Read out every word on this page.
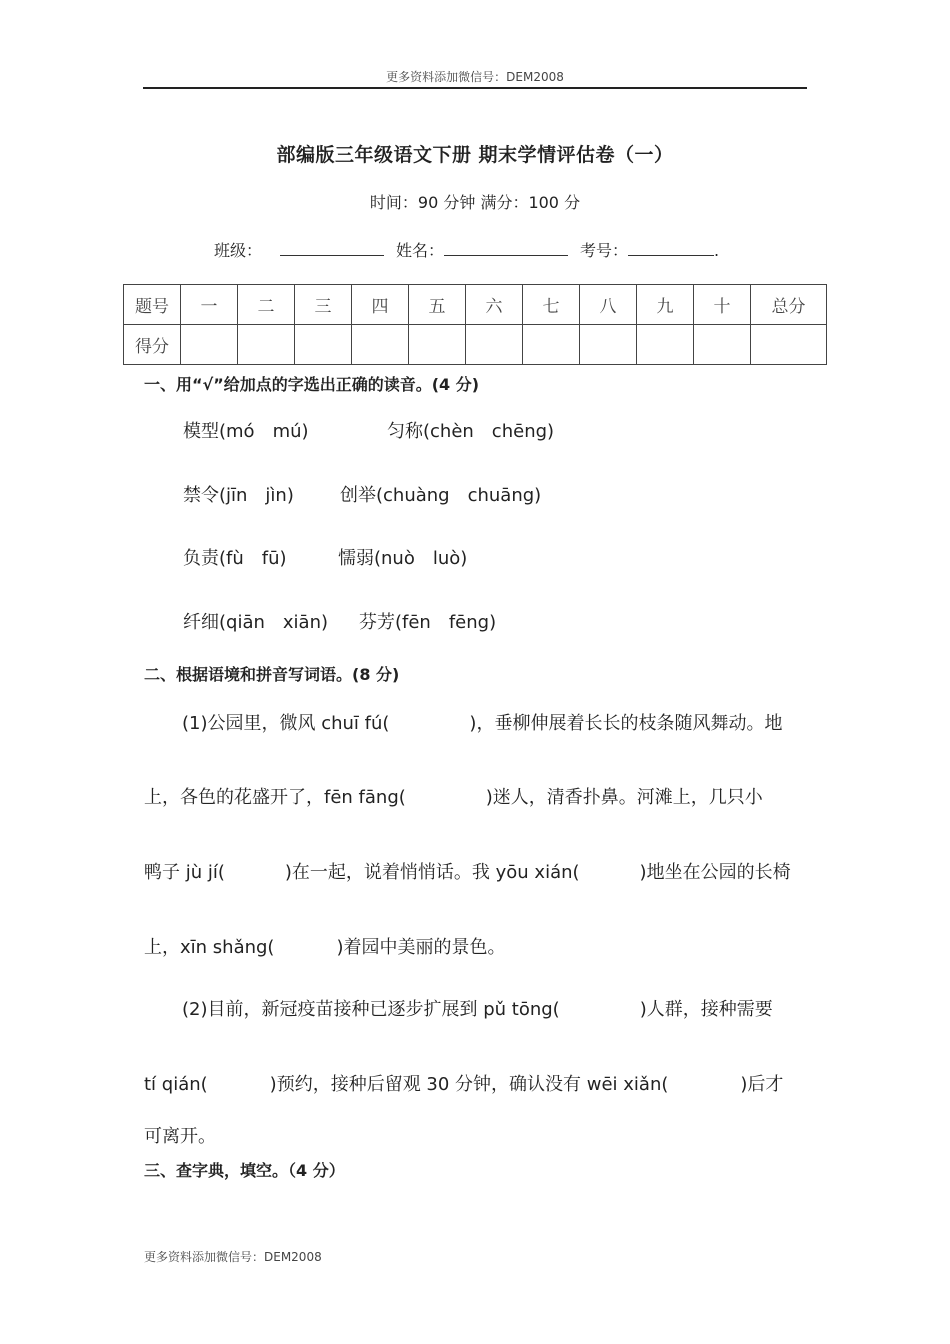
更多资料添加微信号：DEM2008
部编版三年级语文下册 期末学情评估卷（一）
时间：90 分钟 满分：100 分
班级：	姓名：	考号：	.
题号	一	二	三	四	五	六	七	八	九	十	总分
得分											
一、用“√”给加点的字选出正确的读音。(4 分)
模型(mó　mú)	匀称(chèn　chēng)
禁令(jīn　jìn)	创举(chuàng　chuāng)
负责(fù　fū)	懦弱(nuò　luò)
纤细(qiān　xiān) 芬芳(fēn　fēng)
二、根据语境和拼音写词语。(8 分)
(1)公园里，微风 chuī fú(	)，垂柳伸展着长长的枝条随风舞动。地
上，各色的花盛开了，fēn fāng(	)迷人，清香扑鼻。河滩上，几只小
鸭子 jù jí(	)在一起，说着悄悄话。我 yōu xián(	)地坐在公园的长椅
上，xīn shǎng(	)着园中美丽的景色。
(2)目前，新冠疫苗接种已逐步扩展到 pǔ tōng(	)人群，接种需要
tí qián(	)预约，接种后留观 30 分钟，确认没有 wēi xiǎn(	)后才
可离开。
三、查字典，填空。（4 分）
更多资料添加微信号：DEM2008
